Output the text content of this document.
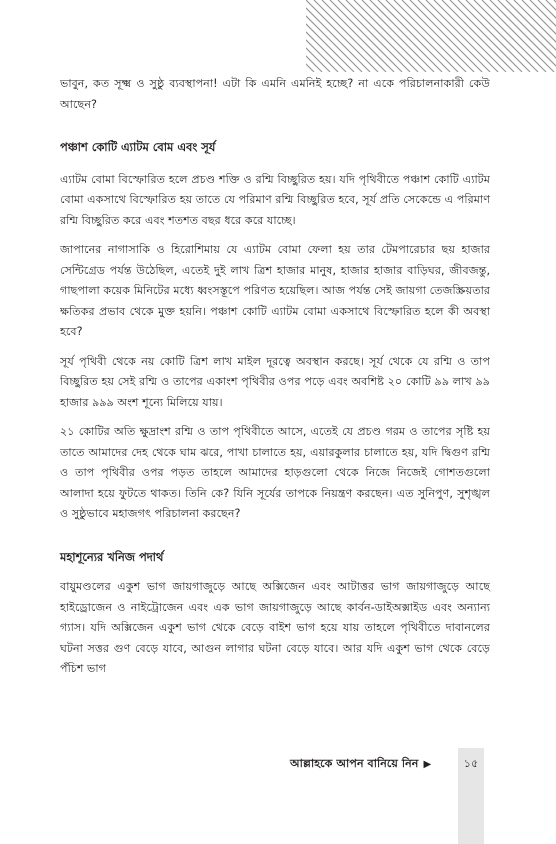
ভাবুন, কত সূক্ষ্ম ও সুষ্ঠু ব্যবস্থাপনা! এটা কি এমনি এমনিই হচ্ছে? না একে পরিচালনাকারী কেউ আছেন?

পঞ্চাশ কোটি এ্যাটম বোম এবং সূর্য

এ্যাটম বোমা বিস্ফোরিত হলে প্রচণ্ড শক্তি ও রশ্মি বিচ্ছুরিত হয়। যদি পৃথিবীতে পঞ্চাশ কোটি এ্যাটম বোমা একসাথে বিস্ফোরিত হয় তাতে যে পরিমাণ রশ্মি বিচ্ছুরিত হবে, সূর্য প্রতি সেকেন্ডে এ পরিমাণ রশ্মি বিচ্ছুরিত করে এবং শতশত বছর ধরে করে যাচ্ছে।

জাপানের নাগাসাকি ও হিরোশিমায় যে এ্যাটম বোমা ফেলা হয় তার টেমপারেচার ছয় হাজার সেন্টিগ্রেড পর্যন্ত উঠেছিল, এতেই দুই লাখ ত্রিশ হাজার মানুষ, হাজার হাজার বাড়িঘর, জীবজন্তু, গাছপালা কয়েক মিনিটের মধ্যে ধ্বংসস্তূপে পরিণত হয়েছিল। আজ পর্যন্ত সেই জায়গা তেজস্ক্রিয়তার ক্ষতিকর প্রভাব থেকে মুক্ত হয়নি। পঞ্চাশ কোটি এ্যাটম বোমা একসাথে বিস্ফোরিত হলে কী অবস্থা হবে?

সূর্য পৃথিবী থেকে নয় কোটি ত্রিশ লাখ মাইল দূরত্বে অবস্থান করছে। সূর্য থেকে যে রশ্মি ও তাপ বিচ্ছুরিত হয় সেই রশ্মি ও তাপের একাংশ পৃথিবীর ওপর পড়ে এবং অবশিষ্ট ২০ কোটি ৯৯ লাখ ৯৯ হাজার ৯৯৯ অংশ শূন্যে মিলিয়ে যায়।

২১ কোটির অতি ক্ষুদ্রাংশ রশ্মি ও তাপ পৃথিবীতে আসে, এতেই যে প্রচণ্ড গরম ও তাপের সৃষ্টি হয় তাতে আমাদের দেহ থেকে ঘাম ঝরে, পাখা চালাতে হয়, এয়ারকুলার চালাতে হয়, যদি দ্বিগুণ রশ্মি ও তাপ পৃথিবীর ওপর পড়ত তাহলে আমাদের হাড়গুলো থেকে নিজে নিজেই গোশতগুলো আলাদা হয়ে ফুটতে থাকত। তিনি কে? যিনি সূর্যের তাপকে নিয়ন্ত্রণ করছেন। এত সুনিপুণ, সুশৃঙ্খল ও সুষ্ঠুভাবে মহাজগৎ পরিচালনা করছেন?

মহাশূন্যের খনিজ পদার্থ

বায়ুমণ্ডলের একুশ ভাগ জায়গাজুড়ে আছে অক্সিজেন এবং আটাত্তর ভাগ জায়গাজুড়ে আছে হাইড্রোজেন ও নাইট্রোজেন এবং এক ভাগ জায়গাজুড়ে আছে কার্বন-ডাইঅক্সাইড এবং অন্যান্য গ্যাস। যদি অক্সিজেন একুশ ভাগ থেকে বেড়ে বাইশ ভাগ হয়ে যায় তাহলে পৃথিবীতে দাবানলের ঘটনা সত্তর গুণ বেড়ে যাবে, আগুন লাগার ঘটনা বেড়ে যাবে। আর যদি একুশ ভাগ থেকে বেড়ে পঁচিশ ভাগ

আল্লাহকে আপন বানিয়ে নিন ▶	১৫
